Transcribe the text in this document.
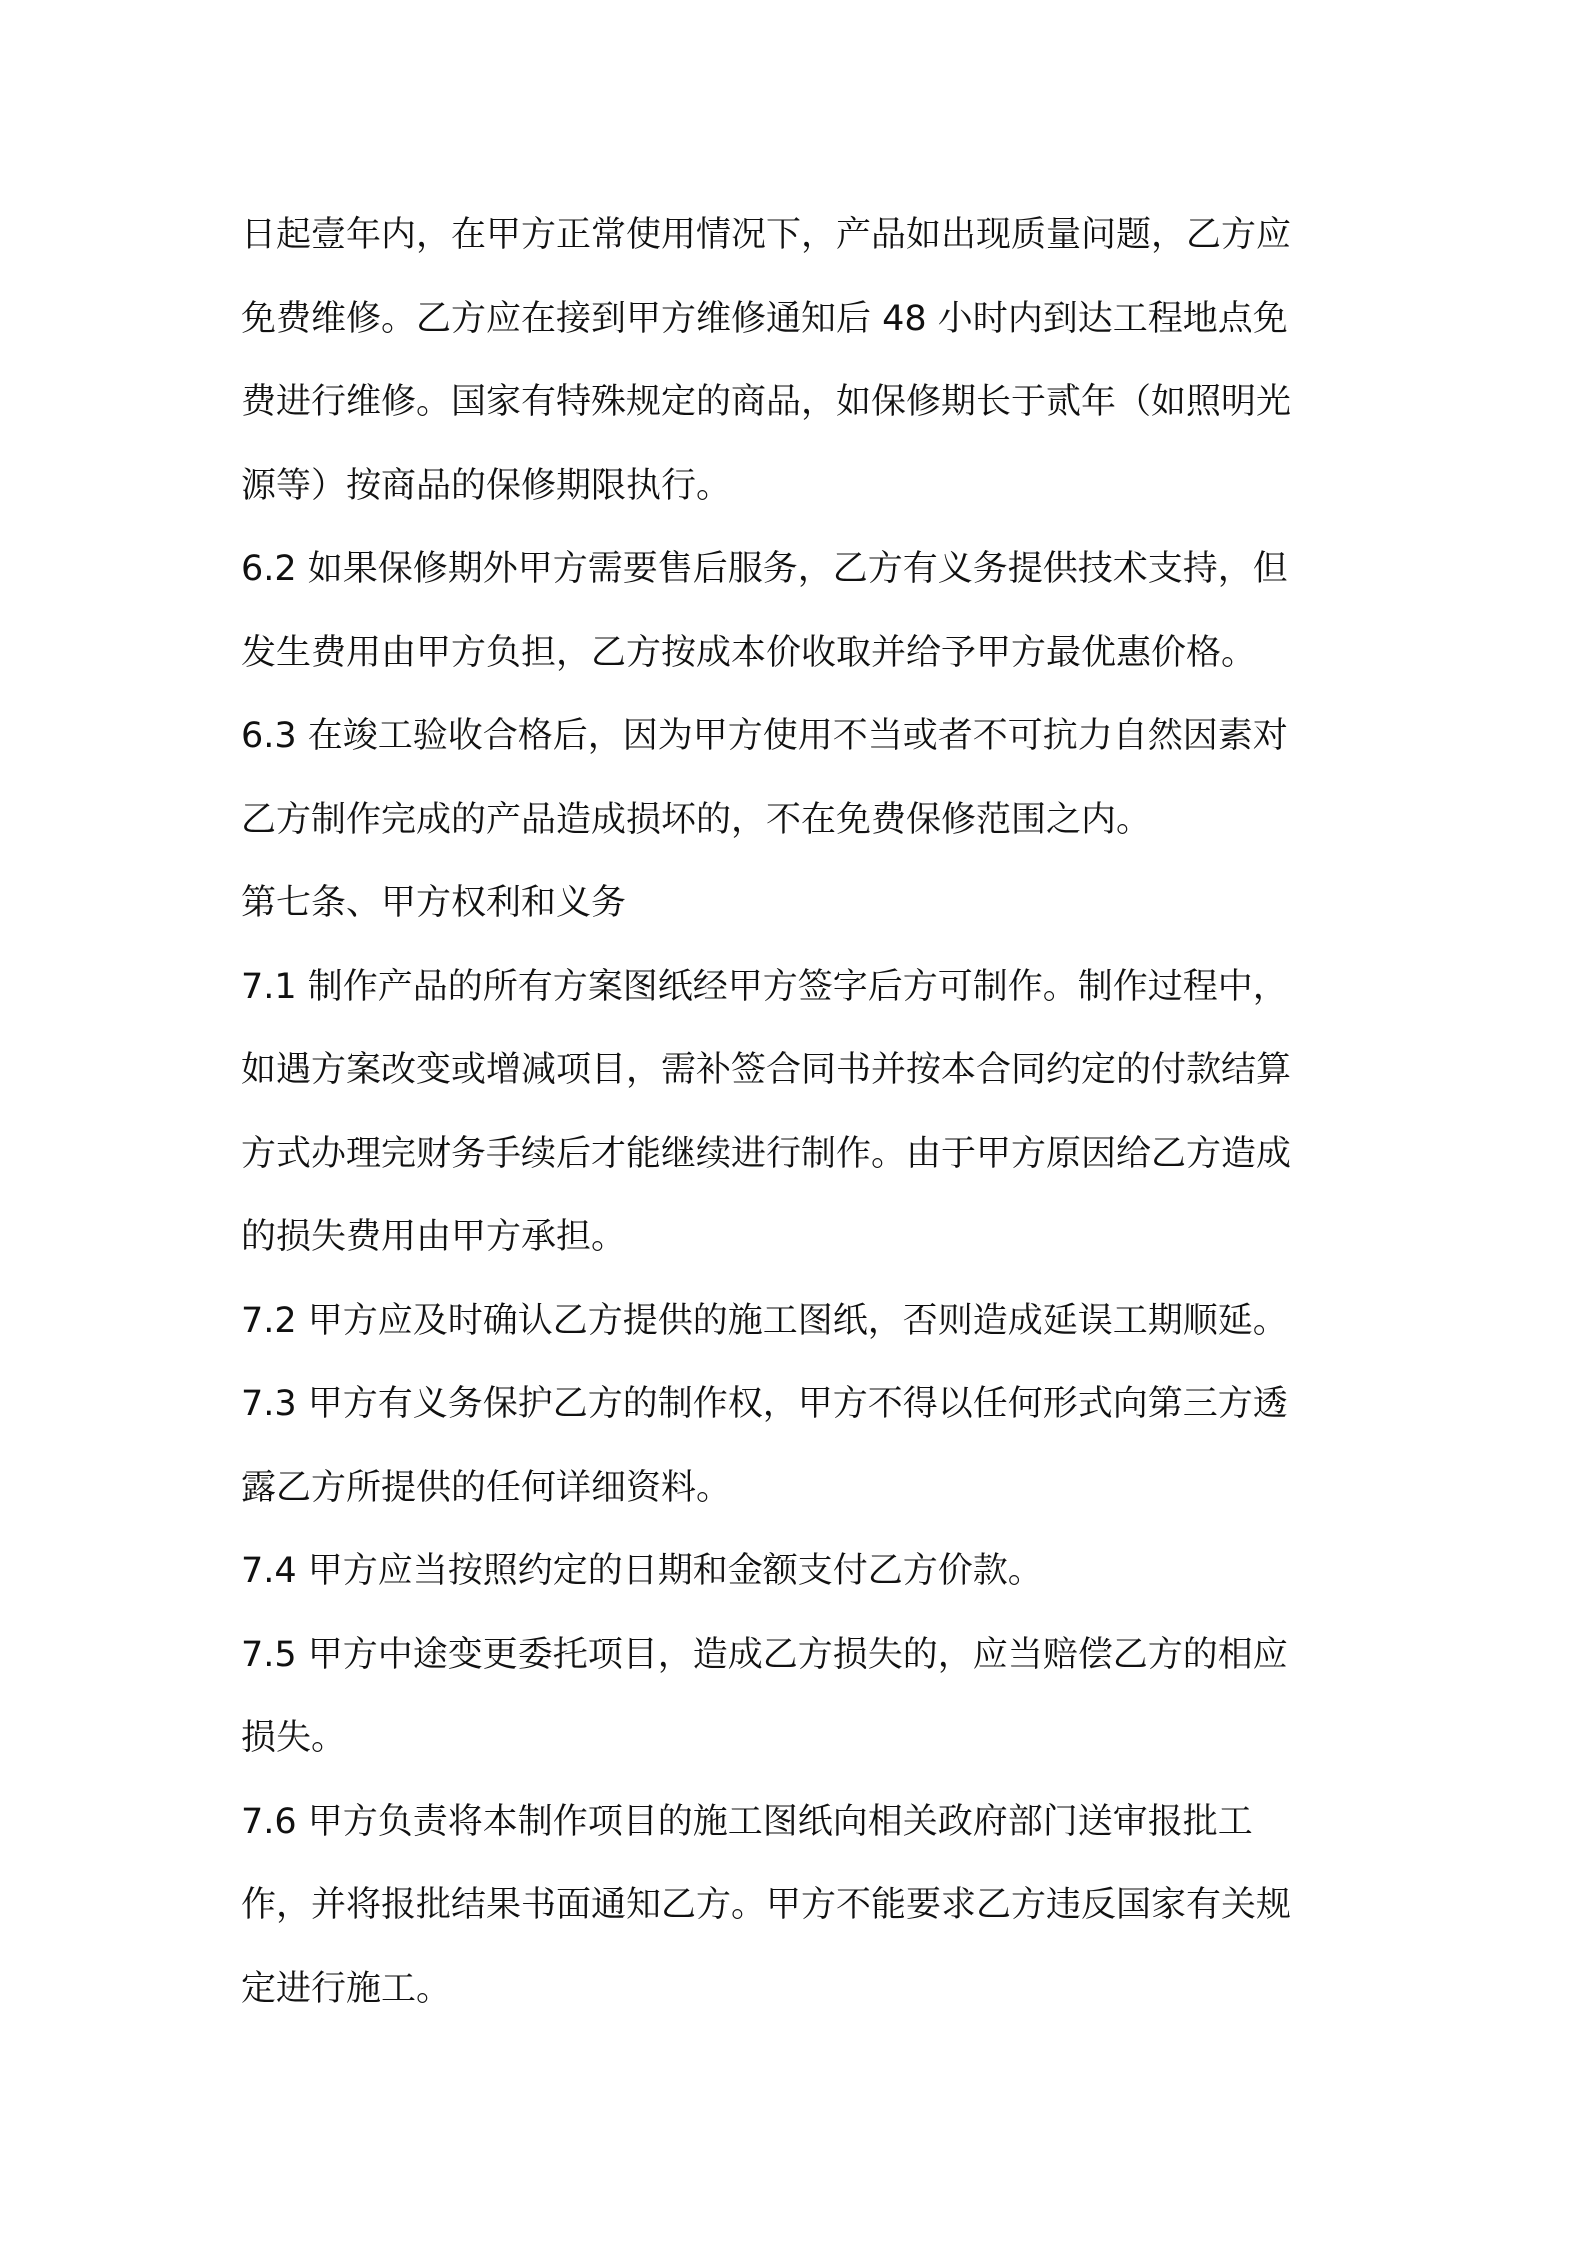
日起壹年内，在甲方正常使用情况下，产品如出现质量问题，乙方应
免费维修。乙方应在接到甲方维修通知后 48 小时内到达工程地点免
费进行维修。国家有特殊规定的商品，如保修期长于贰年（如照明光
源等）按商品的保修期限执行。
6.2 如果保修期外甲方需要售后服务，乙方有义务提供技术支持，但
发生费用由甲方负担，乙方按成本价收取并给予甲方最优惠价格。
6.3 在竣工验收合格后，因为甲方使用不当或者不可抗力自然因素对
乙方制作完成的产品造成损坏的，不在免费保修范围之内。
第七条、甲方权利和义务
7.1 制作产品的所有方案图纸经甲方签字后方可制作。制作过程中，
如遇方案改变或增减项目，需补签合同书并按本合同约定的付款结算
方式办理完财务手续后才能继续进行制作。由于甲方原因给乙方造成
的损失费用由甲方承担。
7.2 甲方应及时确认乙方提供的施工图纸，否则造成延误工期顺延。
7.3 甲方有义务保护乙方的制作权，甲方不得以任何形式向第三方透
露乙方所提供的任何详细资料。
7.4 甲方应当按照约定的日期和金额支付乙方价款。
7.5 甲方中途变更委托项目，造成乙方损失的，应当赔偿乙方的相应
损失。
7.6 甲方负责将本制作项目的施工图纸向相关政府部门送审报批工
作，并将报批结果书面通知乙方。甲方不能要求乙方违反国家有关规
定进行施工。
